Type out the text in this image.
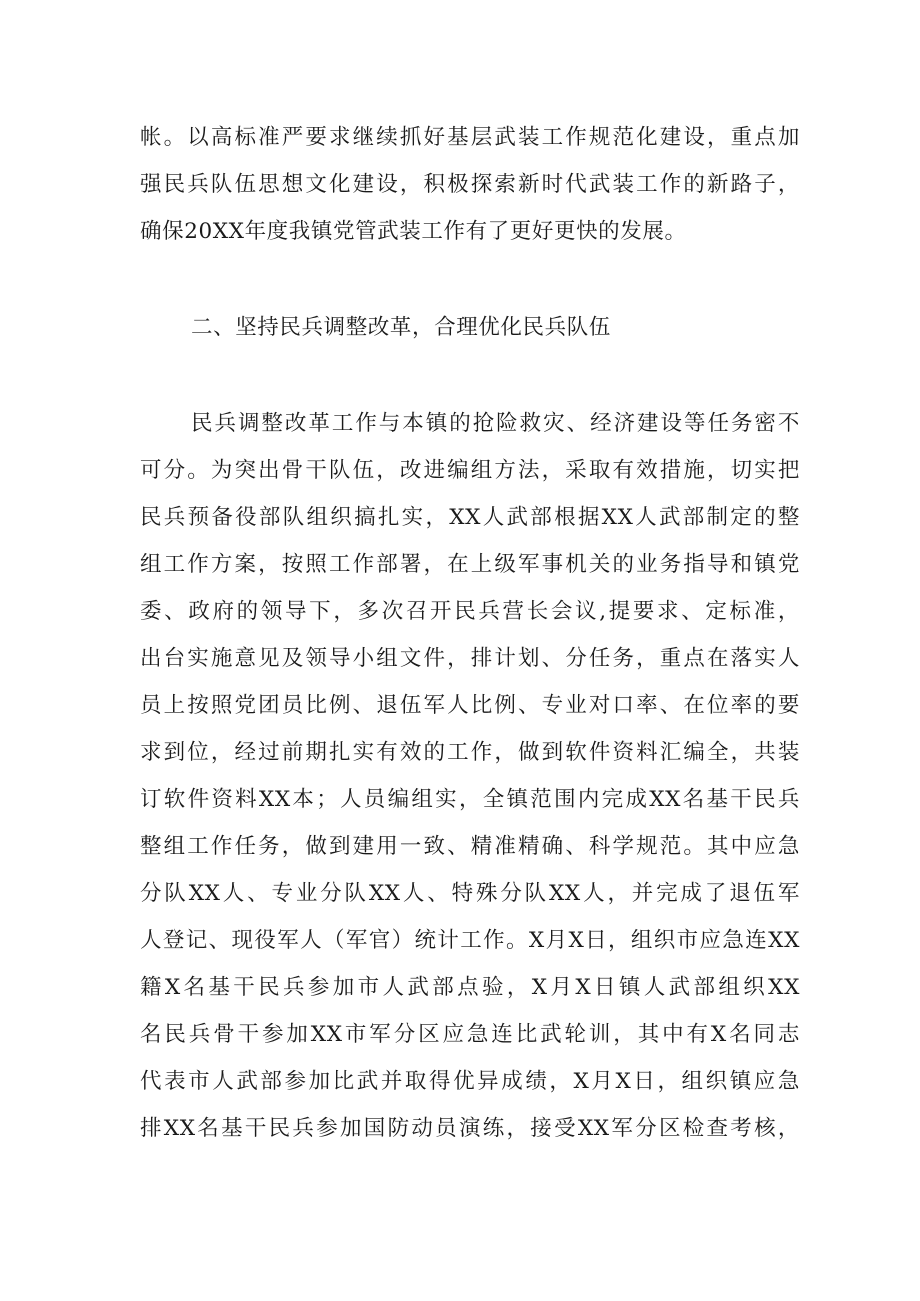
帐。以高标准严要求继续抓好基层武装工作规范化建设，重点加
强民兵队伍思想文化建设，积极探索新时代武装工作的新路子，
确保20XX年度我镇党管武装工作有了更好更快的发展。
二、坚持民兵调整改革，合理优化民兵队伍
民兵调整改革工作与本镇的抢险救灾、经济建设等任务密不
可分。为突出骨干队伍，改进编组方法，采取有效措施，切实把
民兵预备役部队组织搞扎实，XX人武部根据XX人武部制定的整
组工作方案，按照工作部署，在上级军事机关的业务指导和镇党
委、政府的领导下，多次召开民兵营长会议,提要求、定标准，
出台实施意见及领导小组文件，排计划、分任务，重点在落实人
员上按照党团员比例、退伍军人比例、专业对口率、在位率的要
求到位，经过前期扎实有效的工作，做到软件资料汇编全，共装
订软件资料XX本；人员编组实，全镇范围内完成XX名基干民兵
整组工作任务，做到建用一致、精准精确、科学规范。其中应急
分队XX人、专业分队XX人、特殊分队XX人，并完成了退伍军
人登记、现役军人（军官）统计工作。X月X日，组织市应急连XX
籍X名基干民兵参加市人武部点验，X月X日镇人武部组织XX
名民兵骨干参加XX市军分区应急连比武轮训，其中有X名同志
代表市人武部参加比武并取得优异成绩，X月X日，组织镇应急
排XX名基干民兵参加国防动员演练，接受XX军分区检查考核，
